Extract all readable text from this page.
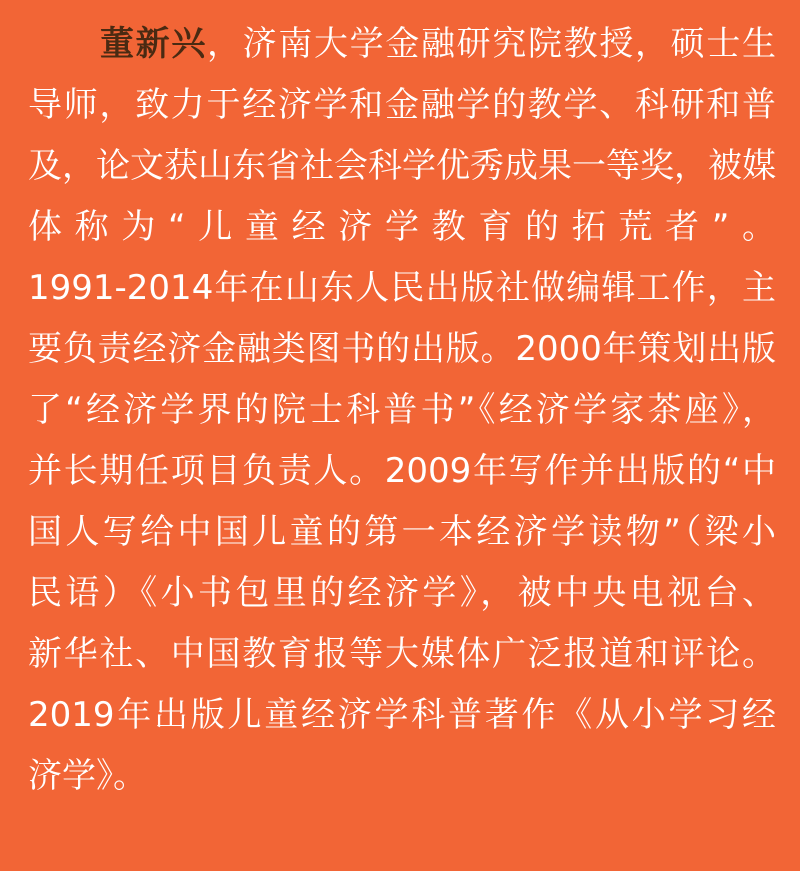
董新兴，济南大学金融研究院教授，硕士生
导师，致力于经济学和金融学的教学、科研和普
及，论文获山东省社会科学优秀成果一等奖，被媒
体称为“儿童经济学教育的拓荒者”。
1991-2014年在山东人民出版社做编辑工作，主
要负责经济金融类图书的出版。2000年策划出版
了“经济学界的院士科普书”《经济学家茶座》，
并长期任项目负责人。2009年写作并出版的“中
国人写给中国儿童的第一本经济学读物”（梁小
民语）《小书包里的经济学》，被中央电视台、
新华社、中国教育报等大媒体广泛报道和评论。
2019年出版儿童经济学科普著作《从小学习经
济学》。
